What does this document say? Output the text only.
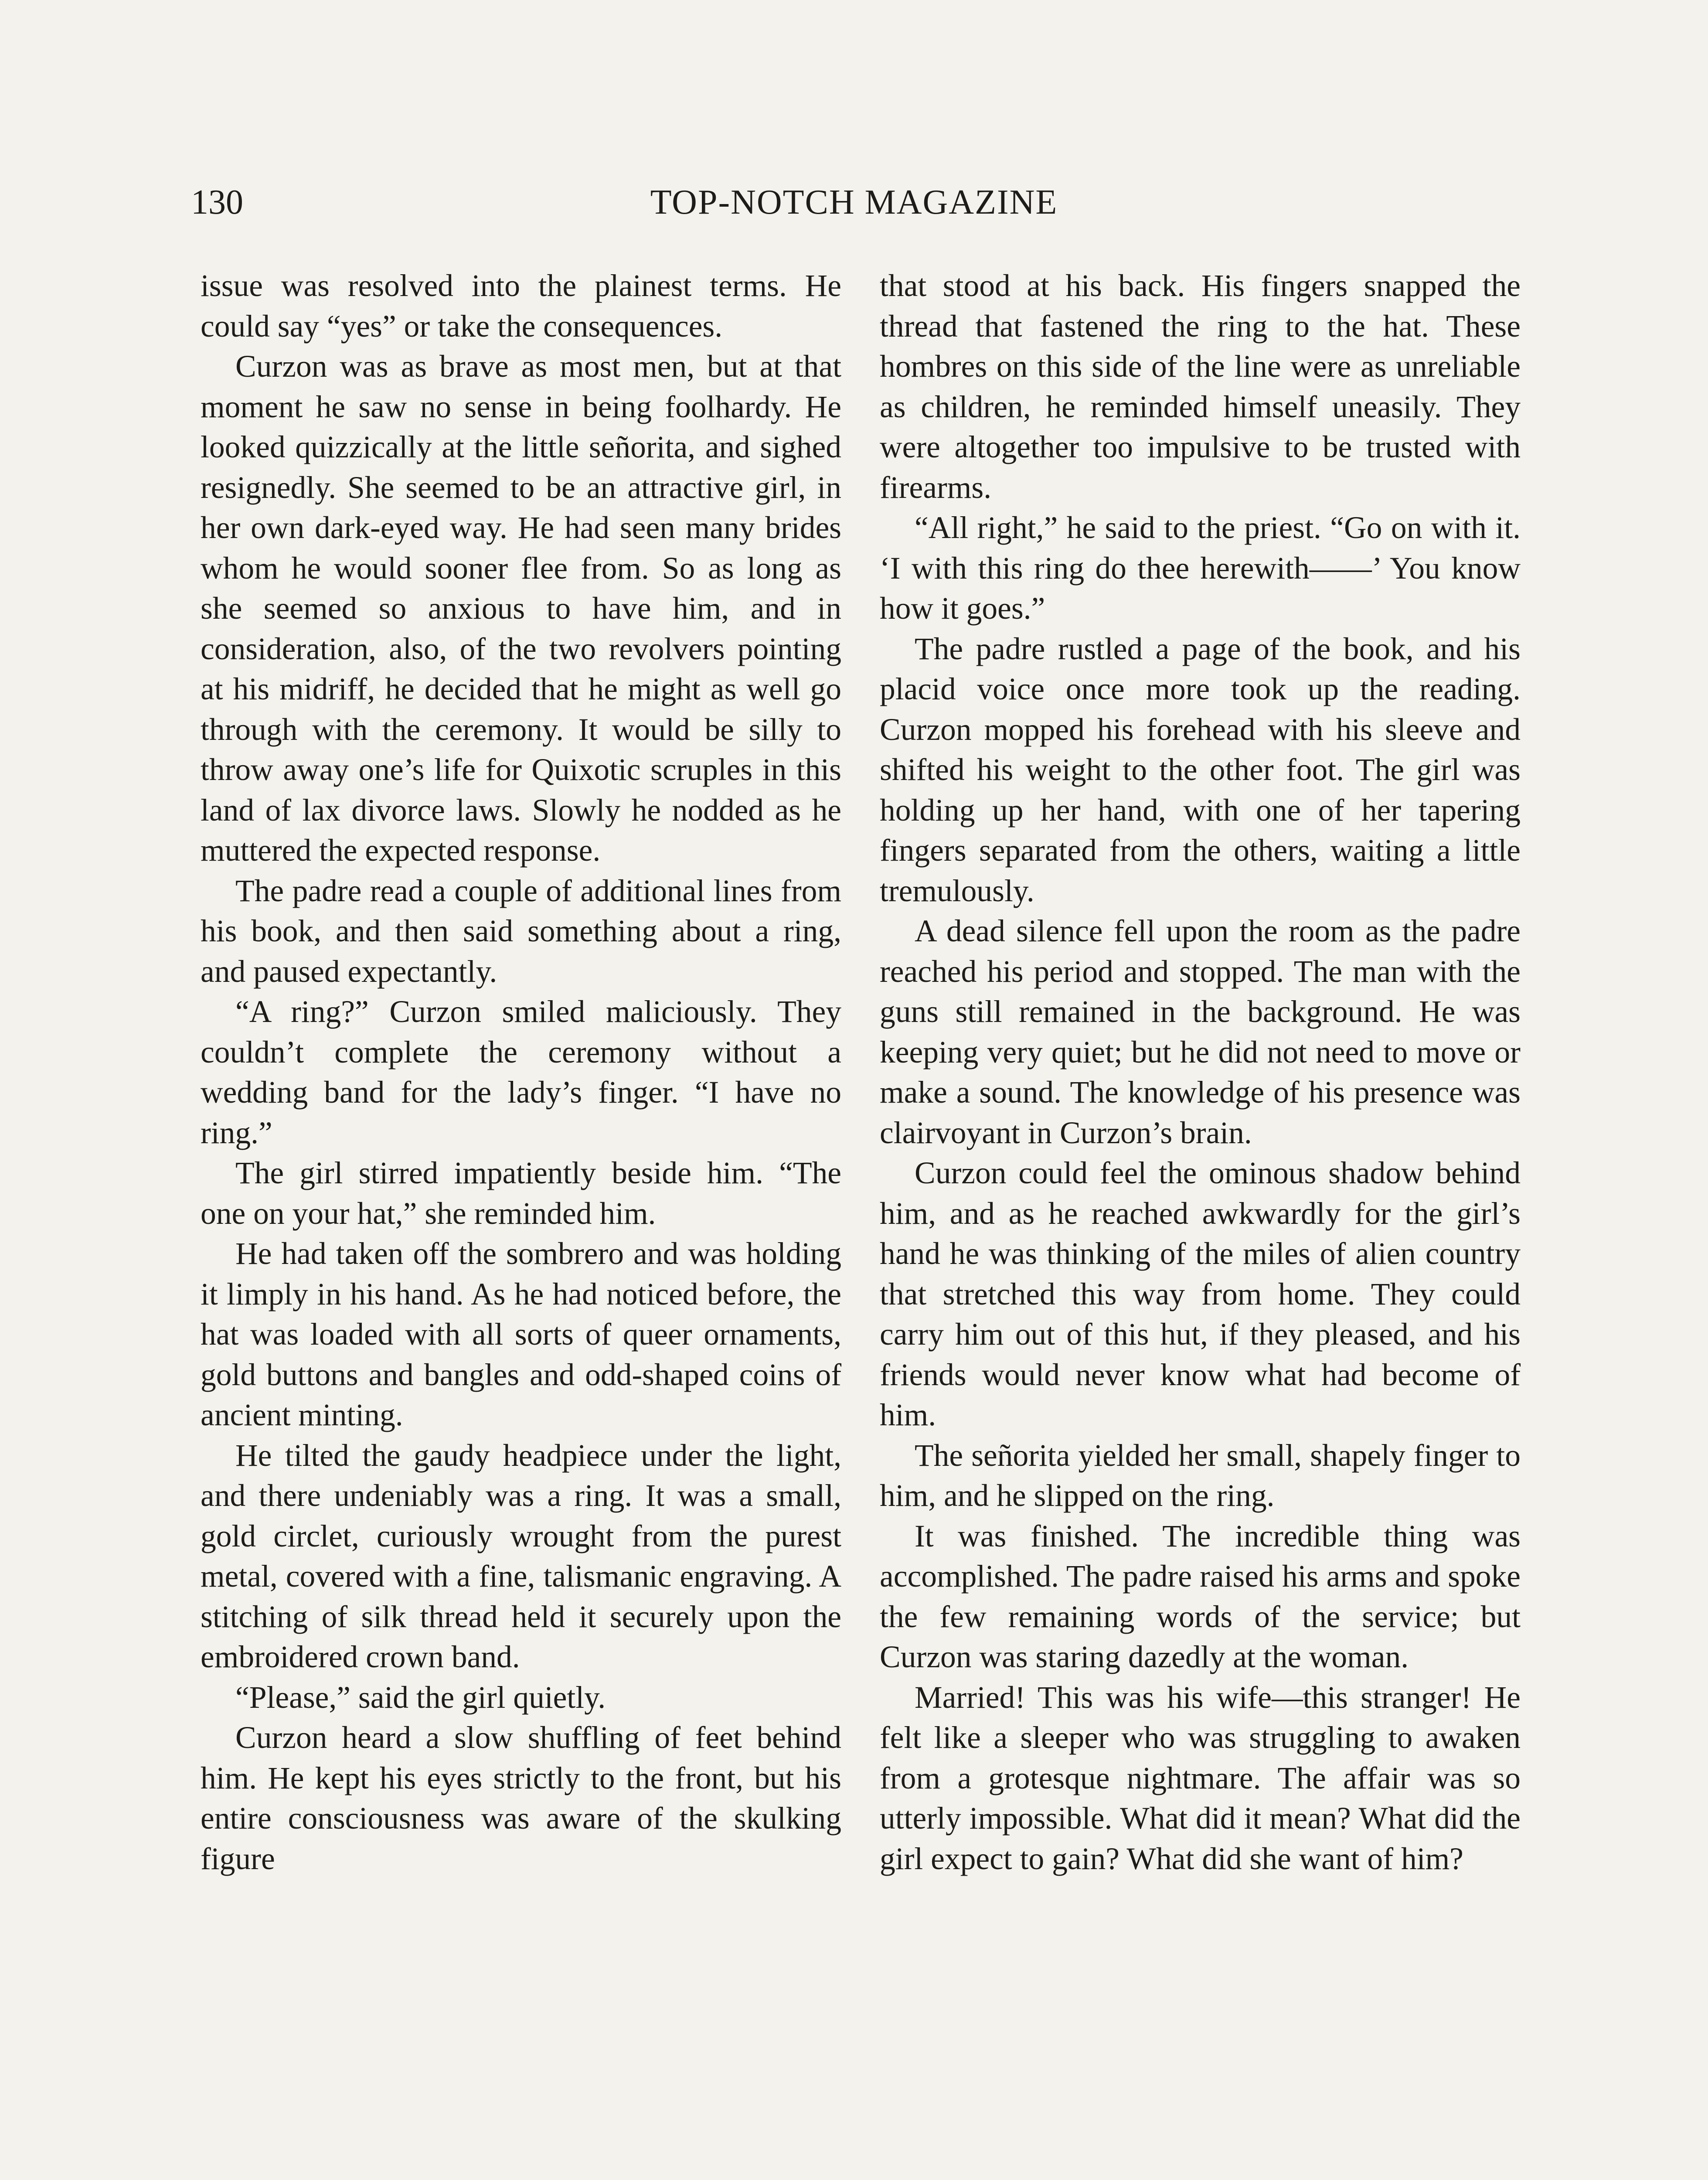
130	TOP-NOTCH MAGAZINE

issue was resolved into the plainest terms. He could say “yes” or take the consequences.

Curzon was as brave as most men, but at that moment he saw no sense in being foolhardy. He looked quizzically at the little señorita, and sighed resignedly. She seemed to be an attractive girl, in her own dark-eyed way. He had seen many brides whom he would sooner flee from. So as long as she seemed so anxious to have him, and in consideration, also, of the two revolvers pointing at his midriff, he decided that he might as well go through with the ceremony. It would be silly to throw away one’s life for Quixotic scruples in this land of lax divorce laws. Slowly he nodded as he muttered the expected response.

The padre read a couple of additional lines from his book, and then said something about a ring, and paused expectantly.

“A ring?” Curzon smiled maliciously. They couldn’t complete the ceremony without a wedding band for the lady’s finger. “I have no ring.”

The girl stirred impatiently beside him. “The one on your hat,” she reminded him.

He had taken off the sombrero and was holding it limply in his hand. As he had noticed before, the hat was loaded with all sorts of queer ornaments, gold buttons and bangles and odd-shaped coins of ancient minting.

He tilted the gaudy headpiece under the light, and there undeniably was a ring. It was a small, gold circlet, curiously wrought from the purest metal, covered with a fine, talismanic engraving. A stitching of silk thread held it securely upon the embroidered crown band.

“Please,” said the girl quietly.

Curzon heard a slow shuffling of feet behind him. He kept his eyes strictly to the front, but his entire consciousness was aware of the skulking figure

that stood at his back. His fingers snapped the thread that fastened the ring to the hat. These hombres on this side of the line were as unreliable as children, he reminded himself uneasily. They were altogether too impulsive to be trusted with firearms.

“All right,” he said to the priest. “Go on with it. ‘I with this ring do thee herewith——’ You know how it goes.”

The padre rustled a page of the book, and his placid voice once more took up the reading. Curzon mopped his forehead with his sleeve and shifted his weight to the other foot. The girl was holding up her hand, with one of her tapering fingers separated from the others, waiting a little tremulously.

A dead silence fell upon the room as the padre reached his period and stopped. The man with the guns still remained in the background. He was keeping very quiet; but he did not need to move or make a sound. The knowledge of his presence was clairvoyant in Curzon’s brain.

Curzon could feel the ominous shadow behind him, and as he reached awkwardly for the girl’s hand he was thinking of the miles of alien country that stretched this way from home. They could carry him out of this hut, if they pleased, and his friends would never know what had become of him.

The señorita yielded her small, shapely finger to him, and he slipped on the ring.

It was finished. The incredible thing was accomplished. The padre raised his arms and spoke the few remaining words of the service; but Curzon was staring dazedly at the woman.

Married! This was his wife—this stranger! He felt like a sleeper who was struggling to awaken from a grotesque nightmare. The affair was so utterly impossible. What did it mean? What did the girl expect to gain? What did she want of him?
